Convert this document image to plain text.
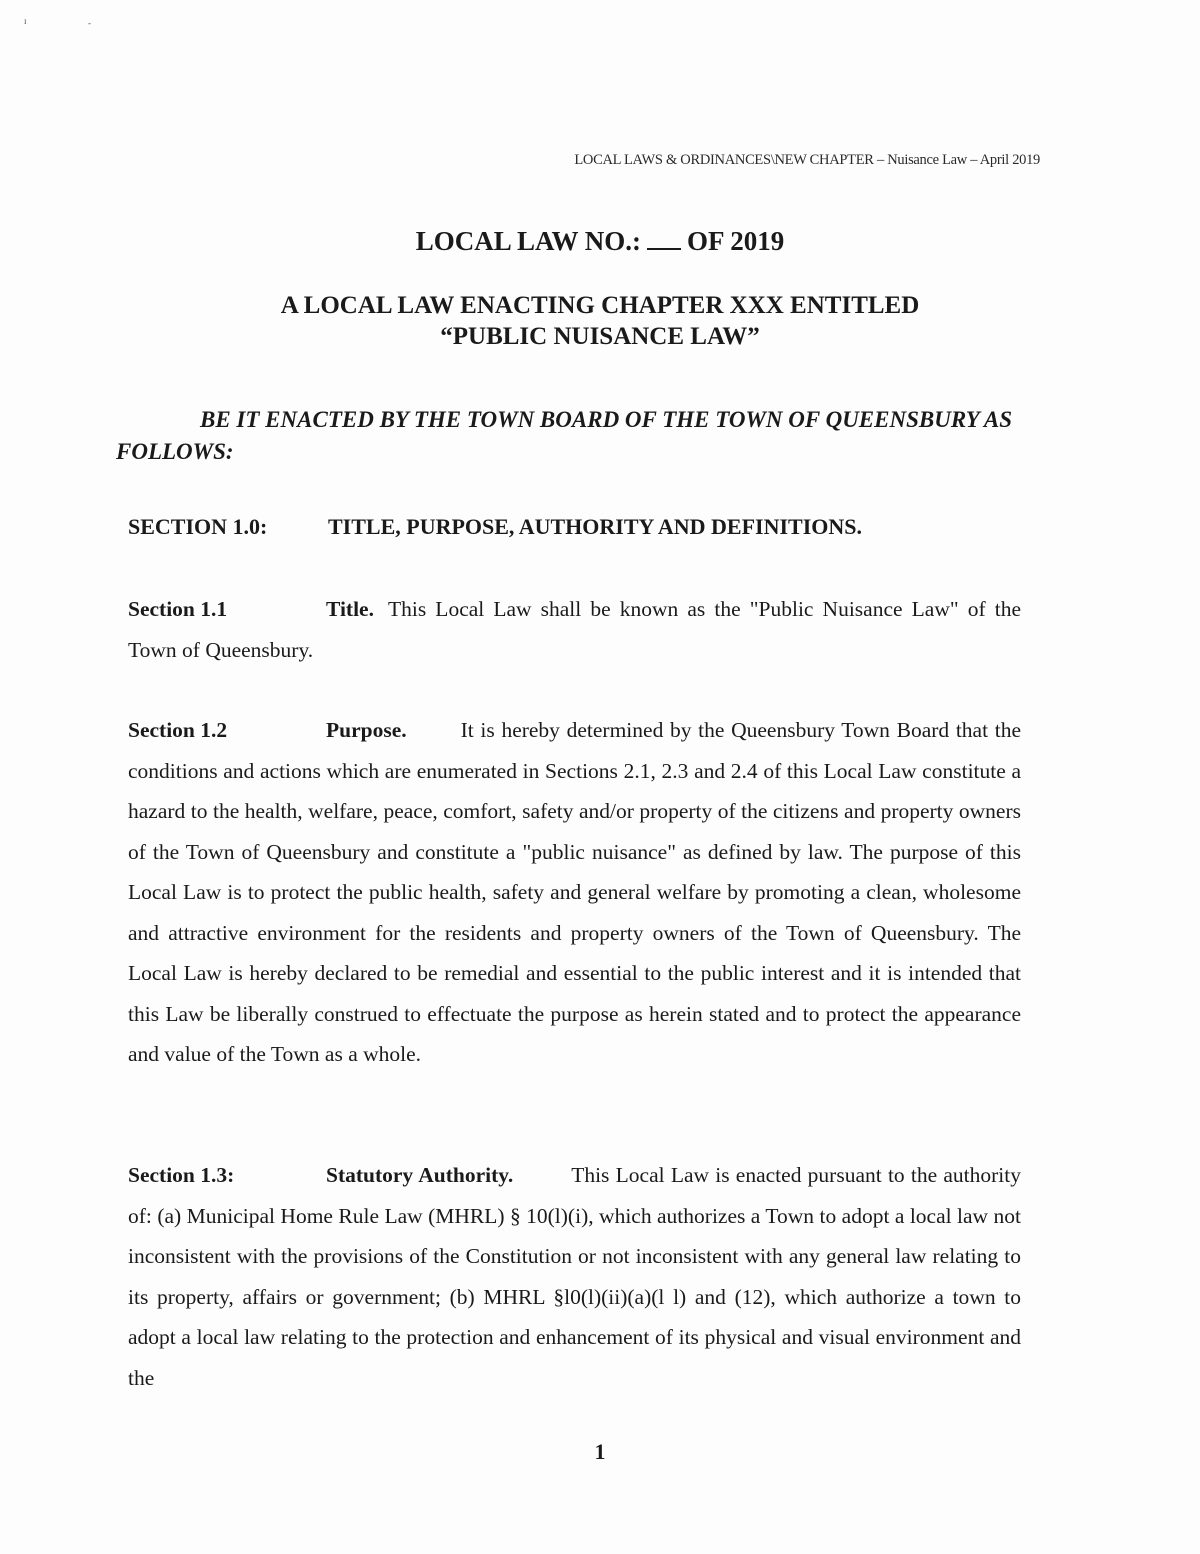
ɪ	-
LOCAL LAWS & ORDINANCES\NEW CHAPTER – Nuisance Law – April 2019
LOCAL LAW NO.: OF 2019
A LOCAL LAW ENACTING CHAPTER XXX ENTITLED
“PUBLIC NUISANCE LAW”
BE IT ENACTED BY THE TOWN BOARD OF THE TOWN OF QUEENSBURY AS FOLLOWS:
SECTION 1.0:	TITLE, PURPOSE, AUTHORITY AND DEFINITIONS.
Section 1.1	Title. This Local Law shall be known as the "Public Nuisance Law" of the Town of Queensbury.
Section 1.2	Purpose.	It is hereby determined by the Queensbury Town Board that the conditions and actions which are enumerated in Sections 2.1, 2.3 and 2.4 of this Local Law constitute a hazard to the health, welfare, peace, comfort, safety and/or property of the citizens and property owners of the Town of Queensbury and constitute a "public nuisance" as defined by law. The purpose of this Local Law is to protect the public health, safety and general welfare by promoting a clean, wholesome and attractive environment for the residents and property owners of the Town of Queensbury. The Local Law is hereby declared to be remedial and essential to the public interest and it is intended that this Law be liberally construed to effectuate the purpose as herein stated and to protect the appearance and value of the Town as a whole.
Section 1.3:	Statutory Authority.	This Local Law is enacted pursuant to the authority of: (a) Municipal Home Rule Law (MHRL) § 10(l)(i), which authorizes a Town to adopt a local law not inconsistent with the provisions of the Constitution or not inconsistent with any general law relating to its property, affairs or government; (b) MHRL §l0(l)(ii)(a)(l l) and (12), which authorize a town to adopt a local law relating to the protection and enhancement of its physical and visual environment and the
1
